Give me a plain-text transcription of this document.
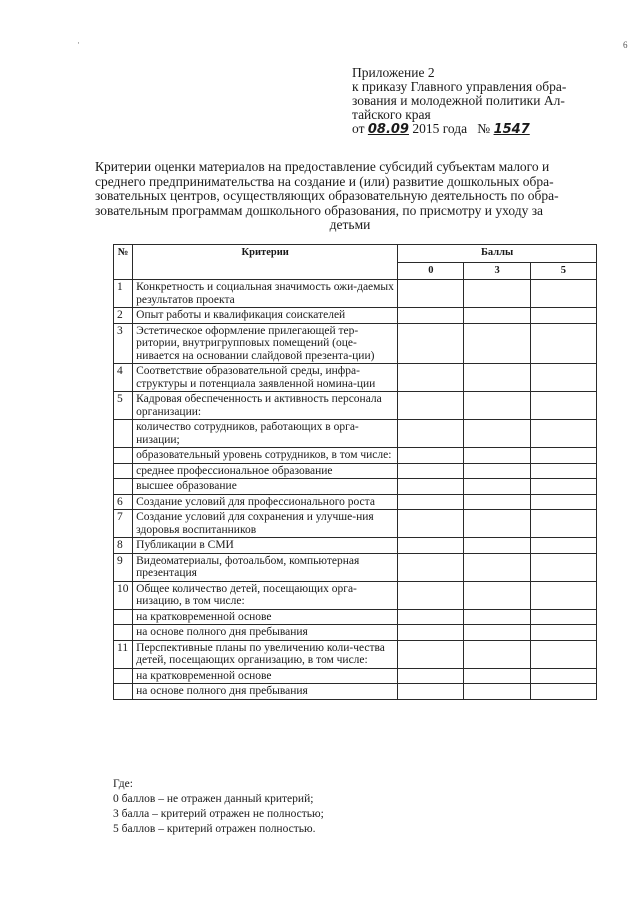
·	6
Приложение 2
к приказу Главного управления обра-
зования и молодежной политики Ал-
тайского края
от 08.09 2015 года № 1547
Критерии оценки материалов на предоставление субсидий субъектам малого и
среднего предпринимательства на создание и (или) развитие дошкольных обра-
зовательных центров, осуществляющих образовательную деятельность по обра-
зовательным программам дошкольного образования, по присмотру и уходу за
детьми
№	Критерии	Баллы		
		0	3	5
1	Конкретность и социальная значимость ожи-даемых результатов проекта			
2	Опыт работы и квалификация соискателей			
3	Эстетическое оформление прилегающей тер-ритории, внутригрупповых помещений (оце-нивается на основании слайдовой презента-ции)			
4	Соответствие образовательной среды, инфра-структуры и потенциала заявленной номина-ции			
5	Кадровая обеспеченность и активность персонала организации:			
	количество сотрудников, работающих в орга-низации;			
	образовательный уровень сотрудников, в том числе:			
	среднее профессиональное образование			
	высшее образование			
6	Создание условий для профессионального роста			
7	Создание условий для сохранения и улучше-ния здоровья воспитанников			
8	Публикации в СМИ			
9	Видеоматериалы, фотоальбом, компьютерная презентация			
10	Общее количество детей, посещающих орга-низацию, в том числе:			
	на кратковременной основе			
	на основе полного дня пребывания			
11	Перспективные планы по увеличению коли-чества детей, посещающих организацию, в том числе:			
	на кратковременной основе			
	на основе полного дня пребывания			
Где:
0 баллов – не отражен данный критерий;
3 балла – критерий отражен не полностью;
5 баллов – критерий отражен полностью.
